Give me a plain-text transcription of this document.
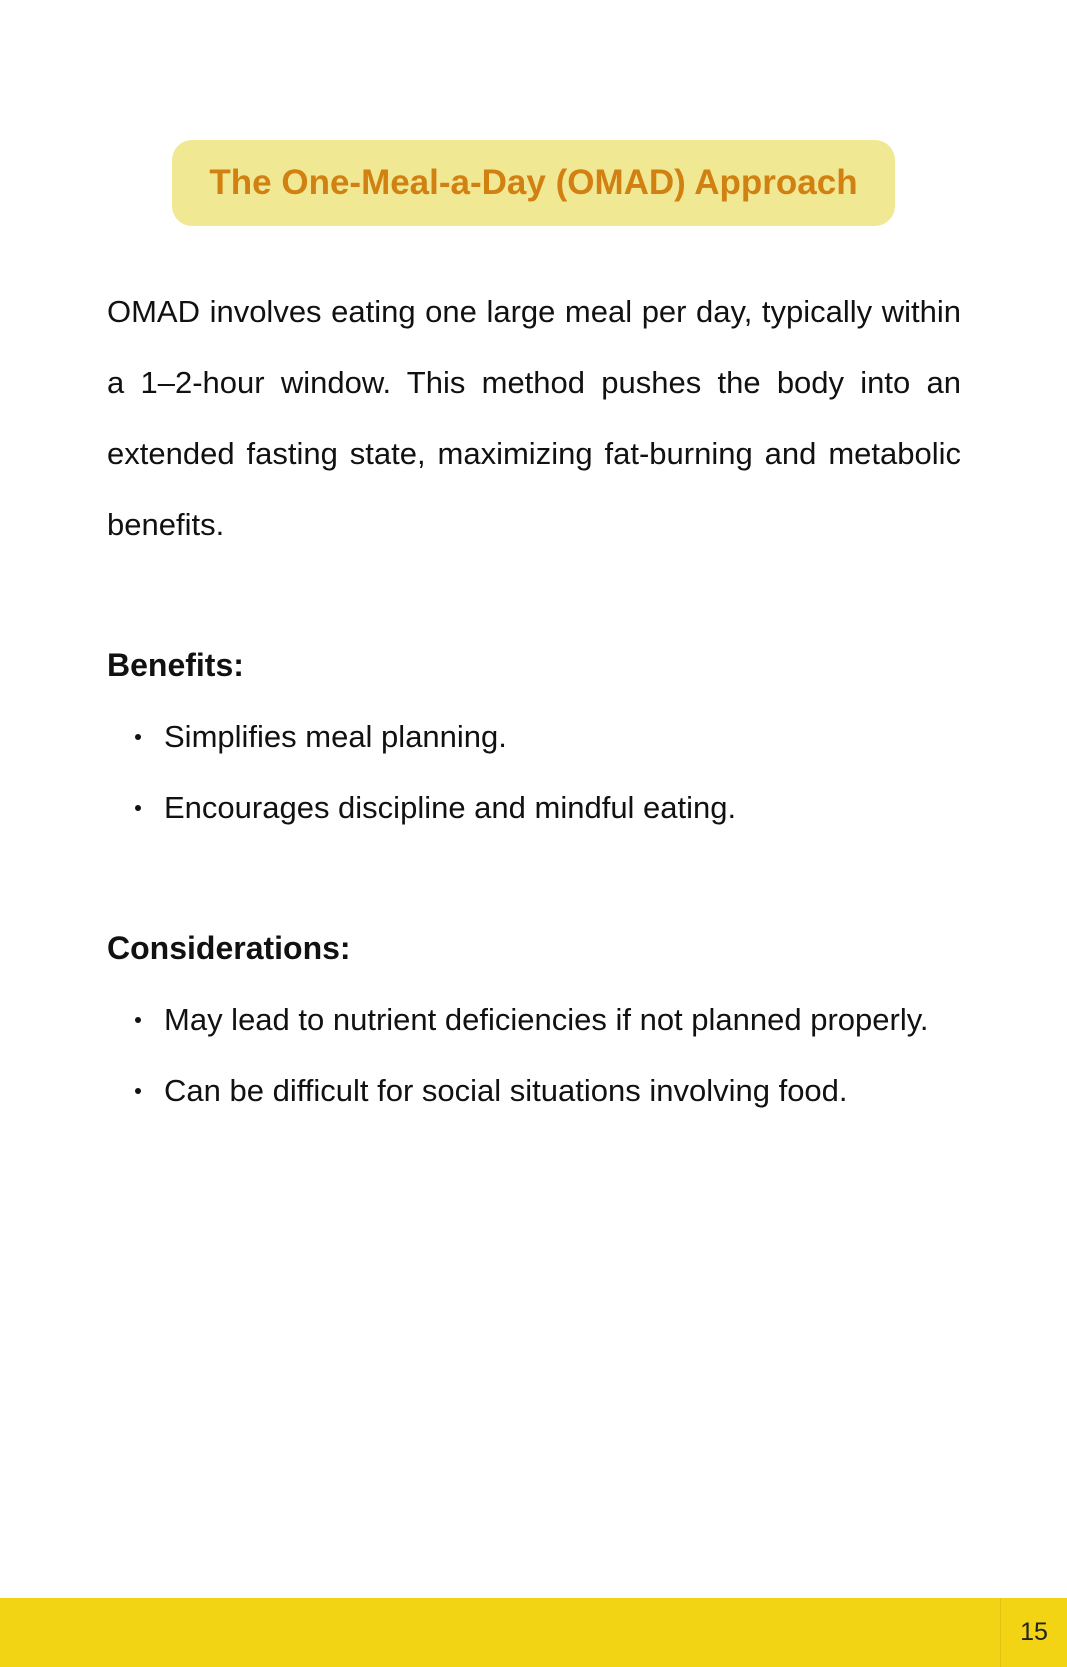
The One-Meal-a-Day (OMAD) Approach

OMAD involves eating one large meal per day, typically within a 1–2-hour window. This method pushes the body into an extended fasting state, maximizing fat-burning and metabolic benefits.

Benefits:
Simplifies meal planning.
Encourages discipline and mindful eating.
Considerations:
May lead to nutrient deficiencies if not planned properly.
Can be difficult for social situations involving food.
15
